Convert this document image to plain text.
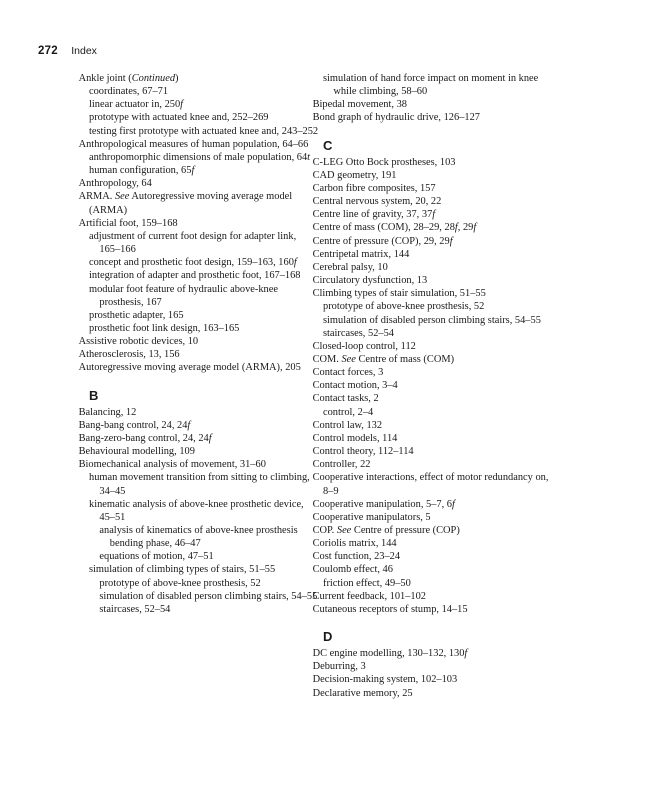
272 Index
Ankle joint (Continued)
coordinates, 67–71
linear actuator in, 250f
prototype with actuated knee and, 252–269
testing first prototype with actuated knee and, 243–252
Anthropological measures of human population, 64–66
anthropomorphic dimensions of male population, 64t
human configuration, 65f
Anthropology, 64
ARMA. See Autoregressive moving average model (ARMA)
Artificial foot, 159–168
adjustment of current foot design for adapter link, 165–166
concept and prosthetic foot design, 159–163, 160f
integration of adapter and prosthetic foot, 167–168
modular foot feature of hydraulic above-knee prosthesis, 167
prosthetic adapter, 165
prosthetic foot link design, 163–165
Assistive robotic devices, 10
Atherosclerosis, 13, 156
Autoregressive moving average model (ARMA), 205
B
Balancing, 12
Bang-bang control, 24, 24f
Bang-zero-bang control, 24, 24f
Behavioural modelling, 109
Biomechanical analysis of movement, 31–60
human movement transition from sitting to climbing, 34–45
kinematic analysis of above-knee prosthetic device, 45–51
analysis of kinematics of above-knee prosthesis bending phase, 46–47
equations of motion, 47–51
simulation of climbing types of stairs, 51–55
prototype of above-knee prosthesis, 52
simulation of disabled person climbing stairs, 54–55
staircases, 52–54
simulation of hand force impact on moment in knee while climbing, 58–60
Bipedal movement, 38
Bond graph of hydraulic drive, 126–127
C
C-LEG Otto Bock prostheses, 103
CAD geometry, 191
Carbon fibre composites, 157
Central nervous system, 20, 22
Centre line of gravity, 37, 37f
Centre of mass (COM), 28–29, 28f, 29f
Centre of pressure (COP), 29, 29f
Centripetal matrix, 144
Cerebral palsy, 10
Circulatory dysfunction, 13
Climbing types of stair simulation, 51–55
prototype of above-knee prosthesis, 52
simulation of disabled person climbing stairs, 54–55
staircases, 52–54
Closed-loop control, 112
COM. See Centre of mass (COM)
Contact forces, 3
Contact motion, 3–4
Contact tasks, 2
control, 2–4
Control law, 132
Control models, 114
Control theory, 112–114
Controller, 22
Cooperative interactions, effect of motor redundancy on, 8–9
Cooperative manipulation, 5–7, 6f
Cooperative manipulators, 5
COP. See Centre of pressure (COP)
Coriolis matrix, 144
Cost function, 23–24
Coulomb effect, 46
friction effect, 49–50
Current feedback, 101–102
Cutaneous receptors of stump, 14–15
D
DC engine modelling, 130–132, 130f
Deburring, 3
Decision-making system, 102–103
Declarative memory, 25
